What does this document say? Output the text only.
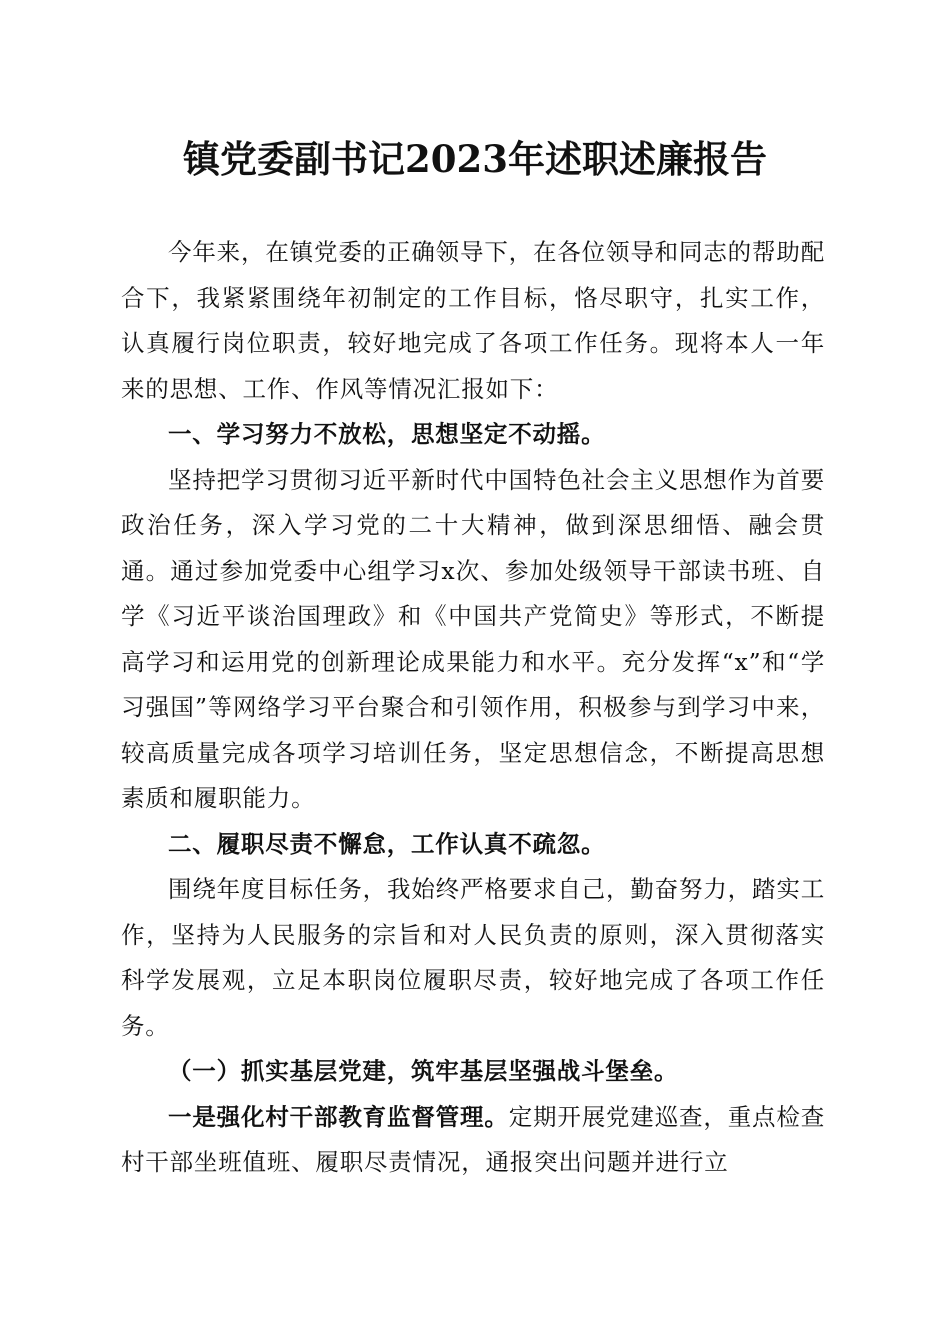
镇党委副书记2023年述职述廉报告

今年来，在镇党委的正确领导下，在各位领导和同志的帮助配合下，我紧紧围绕年初制定的工作目标，恪尽职守，扎实工作，认真履行岗位职责，较好地完成了各项工作任务。现将本人一年来的思想、工作、作风等情况汇报如下：

一、学习努力不放松，思想坚定不动摇。

坚持把学习贯彻习近平新时代中国特色社会主义思想作为首要政治任务，深入学习党的二十大精神，做到深思细悟、融会贯通。通过参加党委中心组学习x次、参加处级领导干部读书班、自学《习近平谈治国理政》和《中国共产党简史》等形式，不断提高学习和运用党的创新理论成果能力和水平。充分发挥“x”和“学习强国”等网络学习平台聚合和引领作用，积极参与到学习中来，较高质量完成各项学习培训任务，坚定思想信念，不断提高思想素质和履职能力。

二、履职尽责不懈怠，工作认真不疏忽。

围绕年度目标任务，我始终严格要求自己，勤奋努力，踏实工作，坚持为人民服务的宗旨和对人民负责的原则，深入贯彻落实科学发展观，立足本职岗位履职尽责，较好地完成了各项工作任务。

（一）抓实基层党建，筑牢基层坚强战斗堡垒。

一是强化村干部教育监督管理。定期开展党建巡查，重点检查村干部坐班值班、履职尽责情况，通报突出问题并进行立
